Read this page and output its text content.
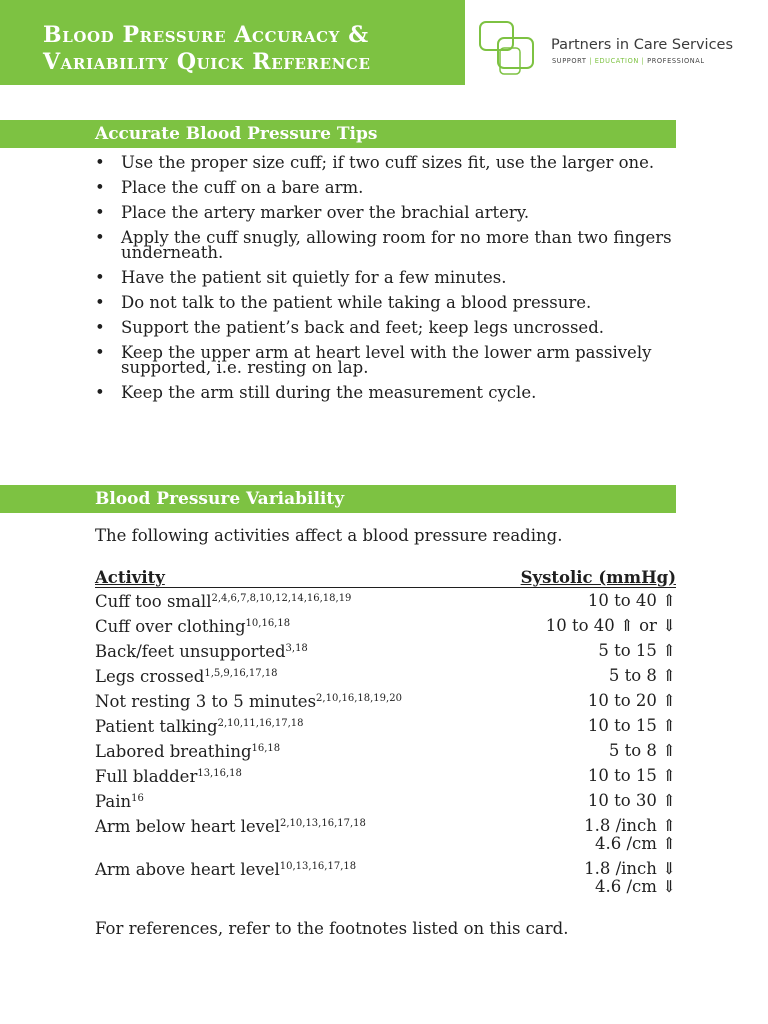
Blood Pressure Accuracy &
Variability Quick Reference
Partners in Care Services
SUPPORT | EDUCATION | PROFESSIONAL
Accurate Blood Pressure Tips
• Use the proper size cuff; if two cuff sizes fit, use the larger one.
• Place the cuff on a bare arm.
• Place the artery marker over the brachial artery.
• Apply the cuff snugly, allowing room for no more than two fingers underneath.
• Have the patient sit quietly for a few minutes.
• Do not talk to the patient while taking a blood pressure.
• Support the patient’s back and feet; keep legs uncrossed.
• Keep the upper arm at heart level with the lower arm passively supported, i.e. resting on lap.
• Keep the arm still during the measurement cycle.
Blood Pressure Variability
The following activities affect a blood pressure reading.
Activity	Systolic (mmHg)
Cuff too small$^{2,4,6,7,8,10,12,14,16,18,19}$	10 to 40 ⇑
Cuff over clothing$^{10,16,18}$	10 to 40 ⇑ or ⇓
Back/feet unsupported$^{3,18}$	5 to 15 ⇑
Legs crossed$^{1,5,9,16,17,18}$	5 to 8 ⇑
Not resting 3 to 5 minutes$^{2,10,16,18,19,20}$	10 to 20 ⇑
Patient talking$^{2,10,11,16,17,18}$	10 to 15 ⇑
Labored breathing$^{16,18}$	5 to 8 ⇑
Full bladder$^{13,16,18}$	10 to 15 ⇑
Pain$^{16}$	10 to 30 ⇑
Arm below heart level$^{2,10,13,16,17,18}$	1.8 /inch ⇑
4.6 /cm ⇑
Arm above heart level$^{10,13,16,17,18}$	1.8 /inch ⇓
4.6 /cm ⇓
For references, refer to the footnotes listed on this card.
